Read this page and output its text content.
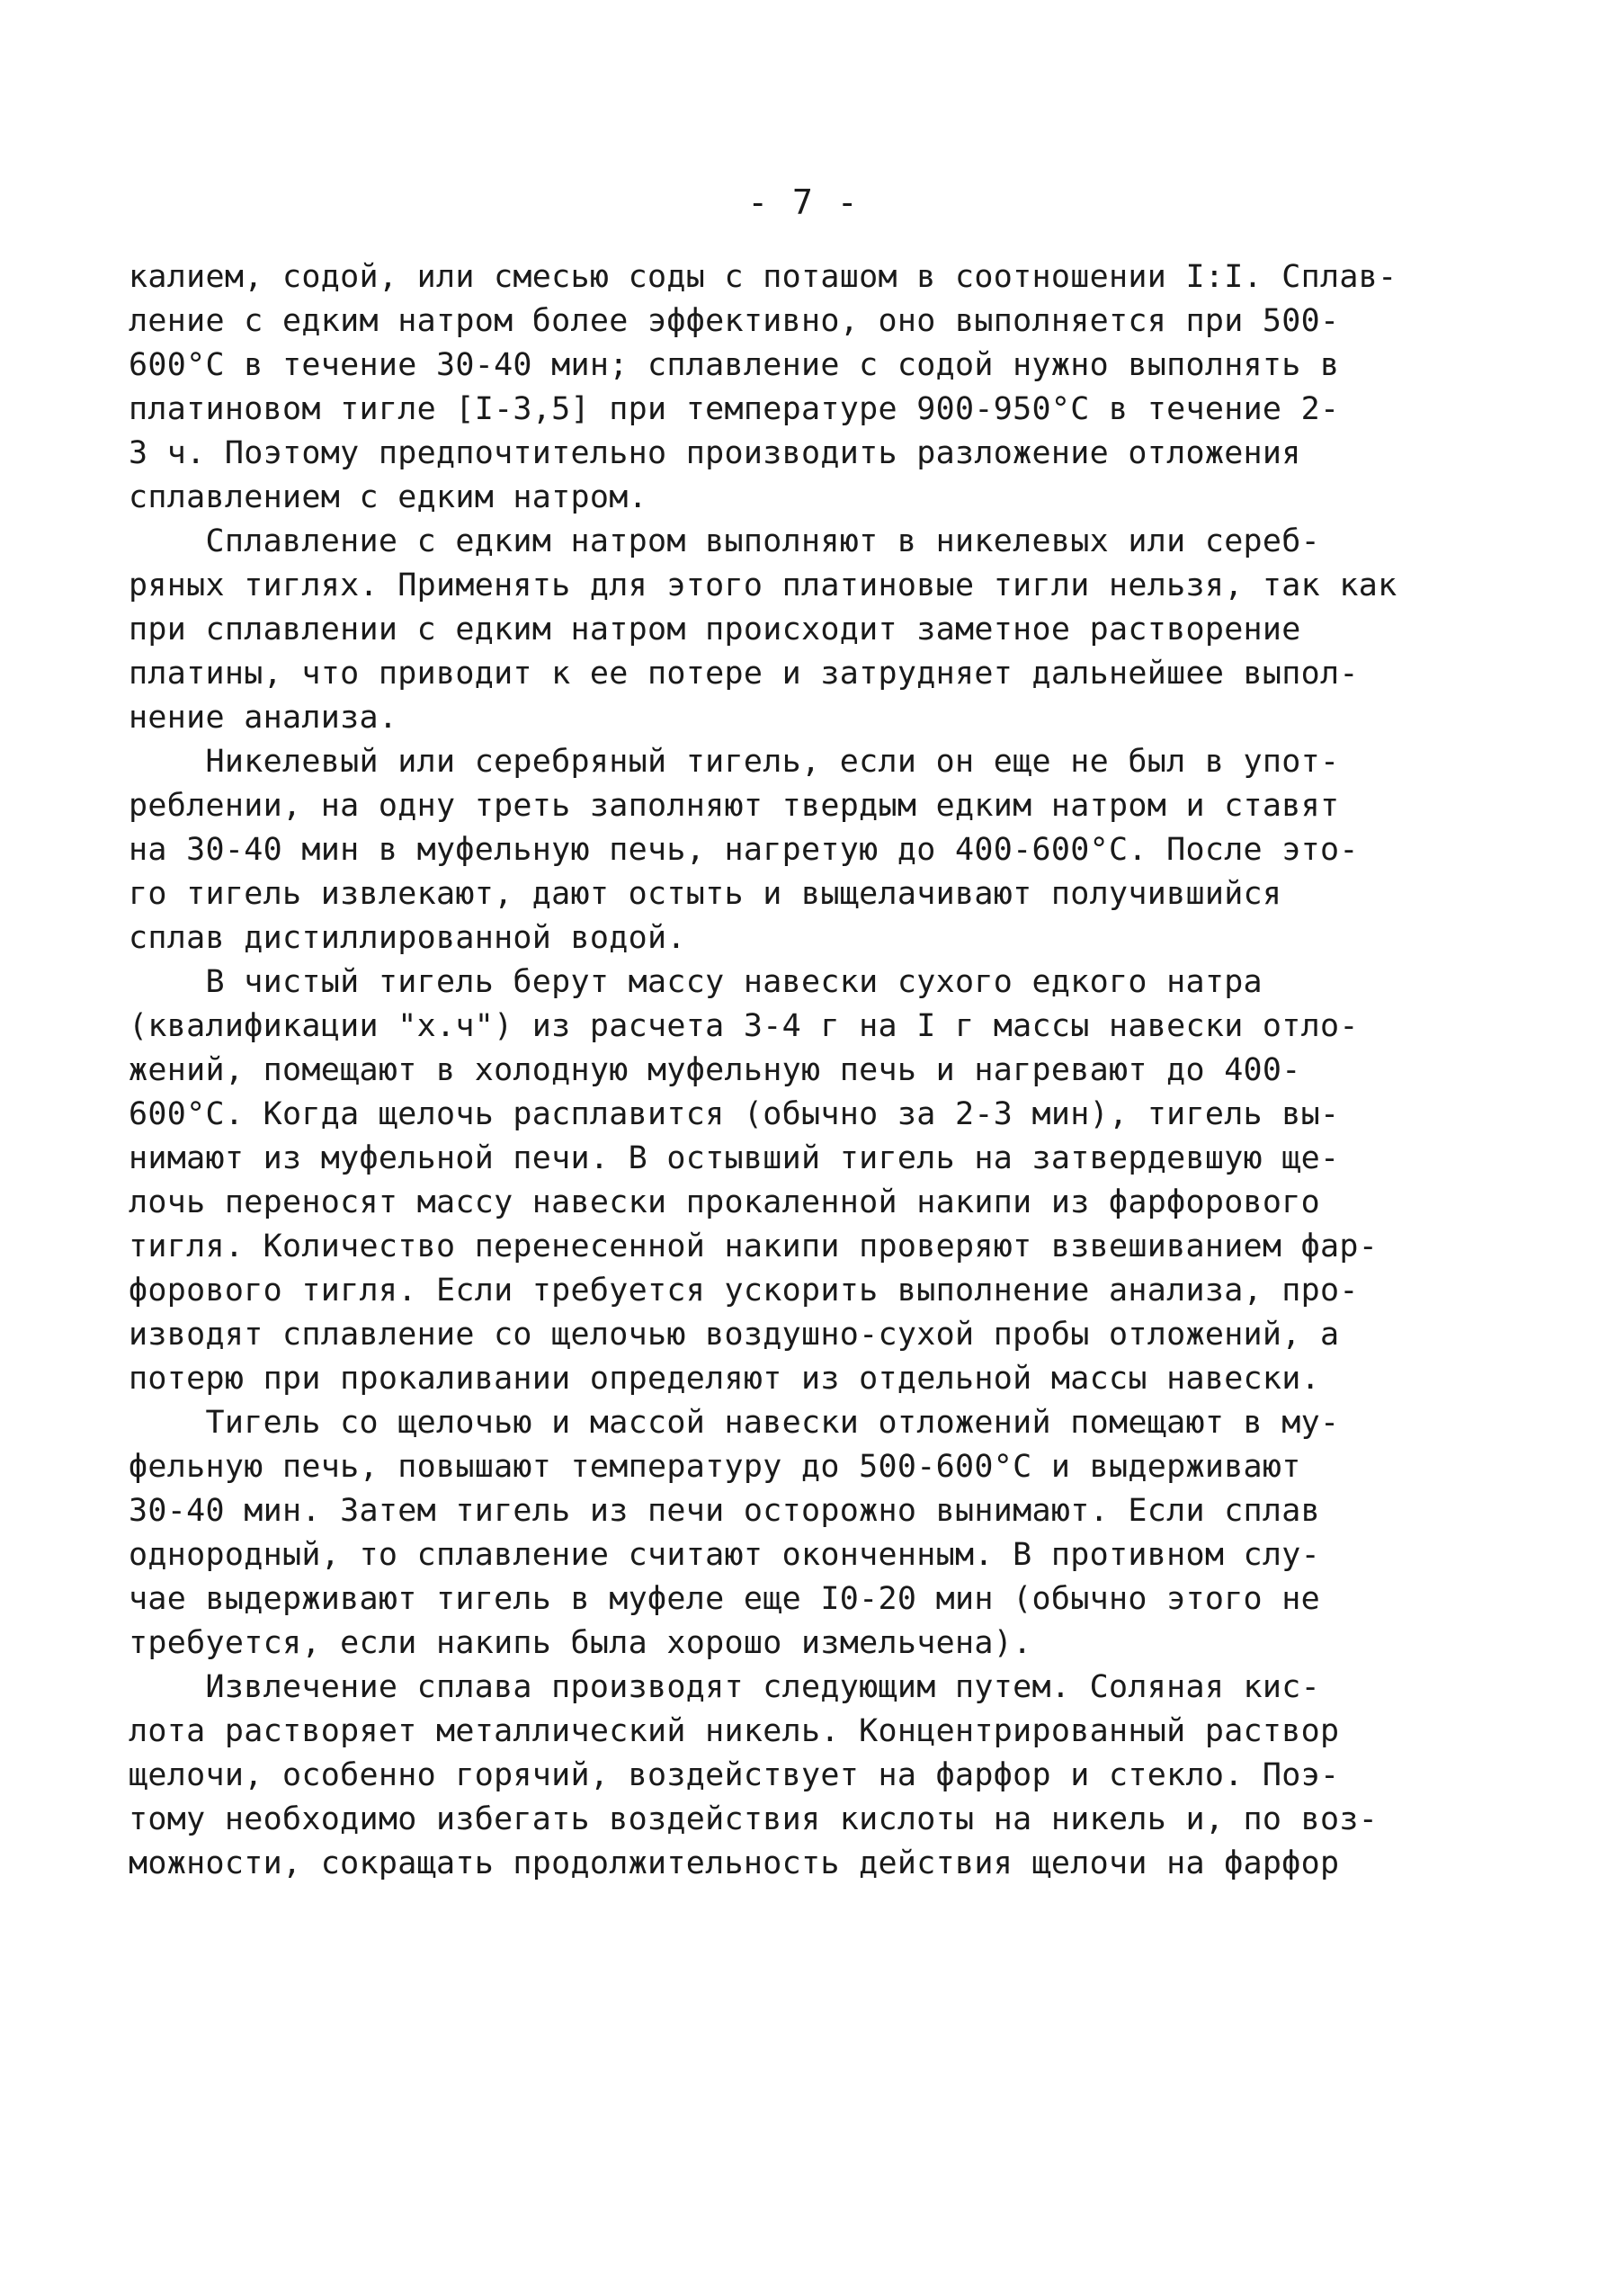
- 7 -
калием, содой, или смесью соды с поташом в соотношении I:I. Сплав-
ление с едким натром более эффективно, оно выполняется при 500-
600°C в течение 30-40 мин; сплавление с содой нужно выполнять в
платиновом тигле [I-3,5] при температуре 900-950°C в течение 2-
3 ч. Поэтому предпочтительно производить разложение отложения
сплавлением с едким натром.
Сплавление с едким натром выполняют в никелевых или сереб-
ряных тиглях. Применять для этого платиновые тигли нельзя, так как
при сплавлении с едким натром происходит заметное растворение
платины, что приводит к ее потере и затрудняет дальнейшее выпол-
нение анализа.
Никелевый или серебряный тигель, если он еще не был в упот-
реблении, на одну треть заполняют твердым едким натром и ставят
на 30-40 мин в муфельную печь, нагретую до 400-600°C. После это-
го тигель извлекают, дают остыть и выщелачивают получившийся
сплав дистиллированной водой.
В чистый тигель берут массу навески сухого едкого натра
(квалификации "х.ч") из расчета 3-4 г на I г массы навески отло-
жений, помещают в холодную муфельную печь и нагревают до 400-
600°C. Когда щелочь расплавится (обычно за 2-3 мин), тигель вы-
нимают из муфельной печи. В остывший тигель на затвердевшую ще-
лочь переносят массу навески прокаленной накипи из фарфорового
тигля. Количество перенесенной накипи проверяют взвешиванием фар-
форового тигля. Если требуется ускорить выполнение анализа, про-
изводят сплавление со щелочью воздушно-сухой пробы отложений, а
потерю при прокаливании определяют из отдельной массы навески.
Тигель со щелочью и массой навески отложений помещают в му-
фельную печь, повышают температуру до 500-600°C и выдерживают
30-40 мин. Затем тигель из печи осторожно вынимают. Если сплав
однородный, то сплавление считают оконченным. В противном слу-
чае выдерживают тигель в муфеле еще I0-20 мин (обычно этого не
требуется, если накипь была хорошо измельчена).
Извлечение сплава производят следующим путем. Соляная кис-
лота растворяет металлический никель. Концентрированный раствор
щелочи, особенно горячий, воздействует на фарфор и стекло. Поэ-
тому необходимо избегать воздействия кислоты на никель и, по воз-
можности, сокращать продолжительность действия щелочи на фарфор
